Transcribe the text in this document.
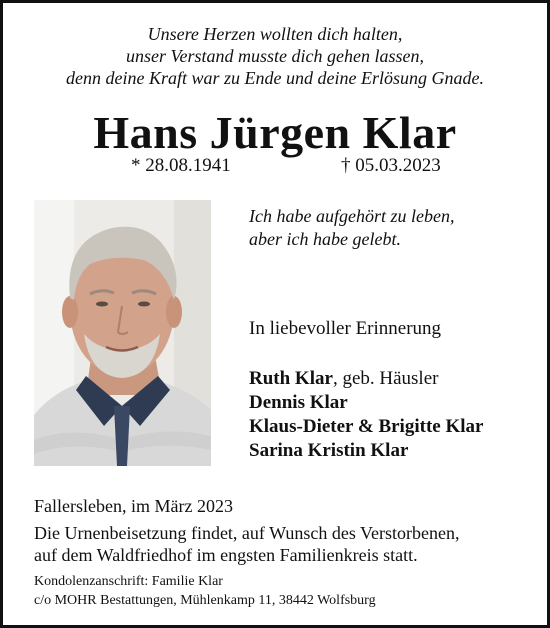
Unsere Herzen wollten dich halten,
unser Verstand musste dich gehen lassen,
denn deine Kraft war zu Ende und deine Erlösung Gnade.
Hans Jürgen Klar
* 28.08.1941	† 05.03.2023
Ich habe aufgehört zu leben,
aber ich habe gelebt.
In liebevoller Erinnerung
Ruth Klar, geb. Häusler
Dennis Klar
Klaus-Dieter & Brigitte Klar
Sarina Kristin Klar
Fallersleben, im März 2023
Die Urnenbeisetzung findet, auf Wunsch des Verstorbenen,
auf dem Waldfriedhof im engsten Familienkreis statt.
Kondolenzanschrift: Familie Klar
c/o MOHR Bestattungen, Mühlenkamp 11, 38442 Wolfsburg
